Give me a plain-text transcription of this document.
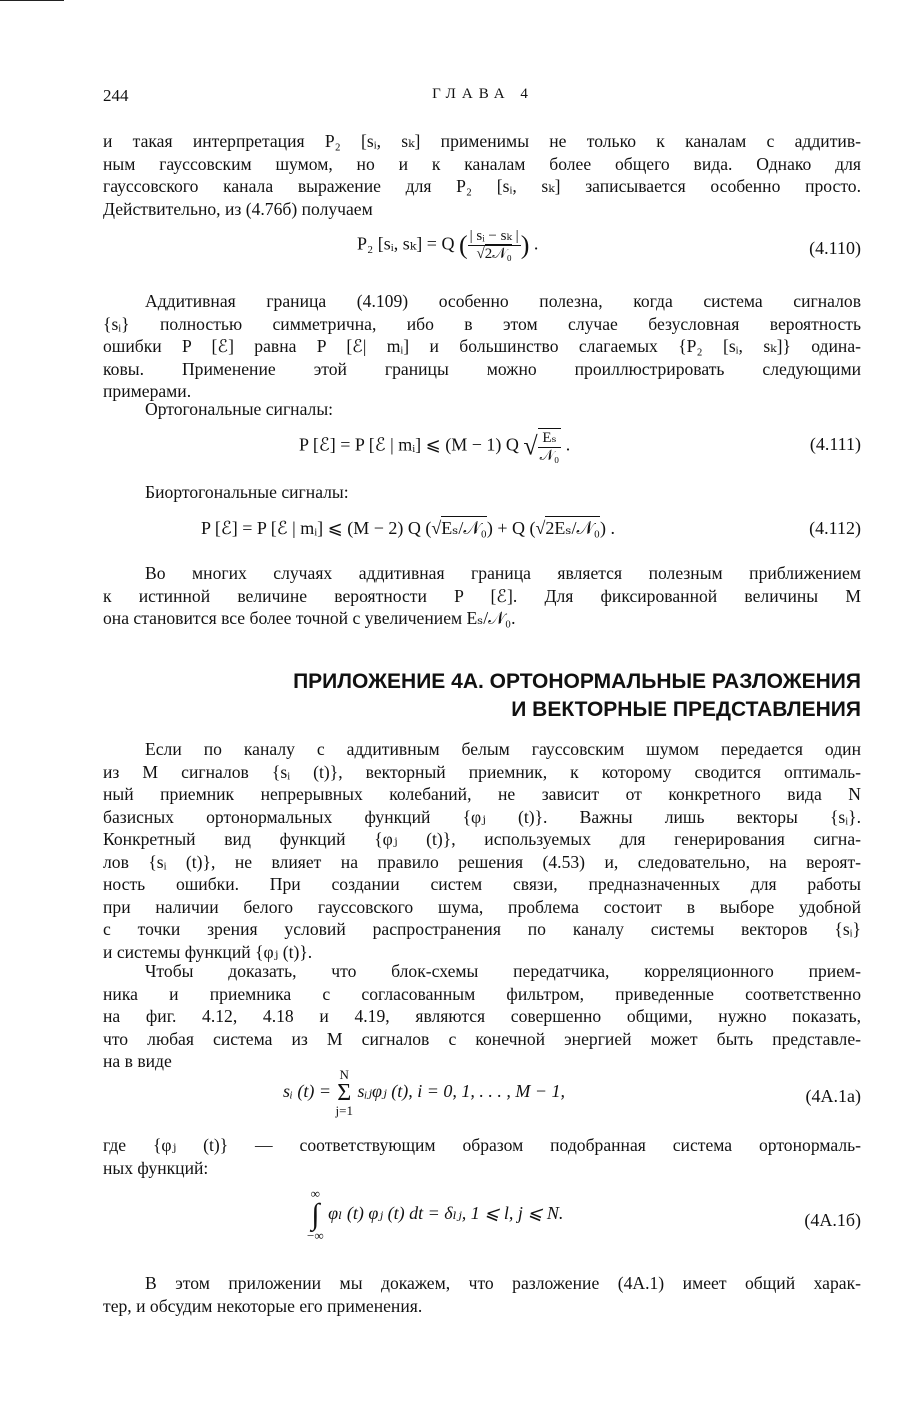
244	ГЛАВА 4
и такая интерпретация P₂ [sᵢ, sₖ] применимы не только к каналам с аддитив-
ным гауссовским шумом, но и к каналам более общего вида. Однако для
гауссовского канала выражение для P₂ [sᵢ, sₖ] записывается особенно просто.
Действительно, из (4.76б) получаем
P₂ [sᵢ, sₖ] = Q ( $\frac{\text{| sᵢ − sₖ |}}{\text{√2𝒩₀}}$ ) .	(4.110)
Аддитивная граница (4.109) особенно полезна, когда система сигналов
{sᵢ} полностью симметрична, ибо в этом случае безусловная вероятность
ошибки P [ℰ] равна P [ℰ| mᵢ] и большинство слагаемых {P₂ [sᵢ, sₖ]} одина-
ковы. Применение этой границы можно проиллюстрировать следующими
примерами.
Ортогональные сигналы:
P [ℰ] = P [ℰ | mᵢ] ⩽ (M − 1) Q √ $\frac{\text{Eₛ}}{\text{𝒩₀}}$ .	(4.111)
Биортогональные сигналы:
P [ℰ] = P [ℰ | mᵢ] ⩽ (M − 2) Q (√Eₛ/𝒩₀) + Q (√2Eₛ/𝒩₀) .	(4.112)
Во многих случаях аддитивная граница является полезным приближением
к истинной величине вероятности P [ℰ]. Для фиксированной величины M
она становится все более точной с увеличением Eₛ/𝒩₀.
ПРИЛОЖЕНИЕ 4А. ОРТОНОРМАЛЬНЫЕ РАЗЛОЖЕНИЯ
И ВЕКТОРНЫЕ ПРЕДСТАВЛЕНИЯ
Если по каналу с аддитивным белым гауссовским шумом передается один
из M сигналов {sᵢ (t)}, векторный приемник, к которому сводится оптималь-
ный приемник непрерывных колебаний, не зависит от конкретного вида N
базисных ортонормальных функций {φⱼ (t)}. Важны лишь векторы {sᵢ}.
Конкретный вид функций {φⱼ (t)}, используемых для генерирования сигна-
лов {sᵢ (t)}, не влияет на правило решения (4.53) и, следовательно, на вероят-
ность ошибки. При создании систем связи, предназначенных для работы
при наличии белого гауссовского шума, проблема состоит в выборе удобной
с точки зрения условий распространения по каналу системы векторов {sᵢ}
и системы функций {φⱼ (t)}.
Чтобы доказать, что блок-схемы передатчика, корреляционного прием-
ника и приемника с согласованным фильтром, приведенные соответственно
на фиг. 4.12, 4.18 и 4.19, являются совершенно общими, нужно показать,
что любая система из M сигналов с конечной энергией может быть представле-
на в виде
sᵢ (t) = N
Σ
j=1 sᵢⱼφⱼ (t), i = 0, 1, . . . , M − 1,	(4А.1а)
где {φⱼ (t)} — соответствующим образом подобранная система ортонормаль-
ных функций:
∞
∫
−∞ φₗ (t) φⱼ (t) dt = δₗⱼ, 1 ⩽ l, j ⩽ N.	(4А.1б)
В этом приложении мы докажем, что разложение (4А.1) имеет общий харак-
тер, и обсудим некоторые его применения.
